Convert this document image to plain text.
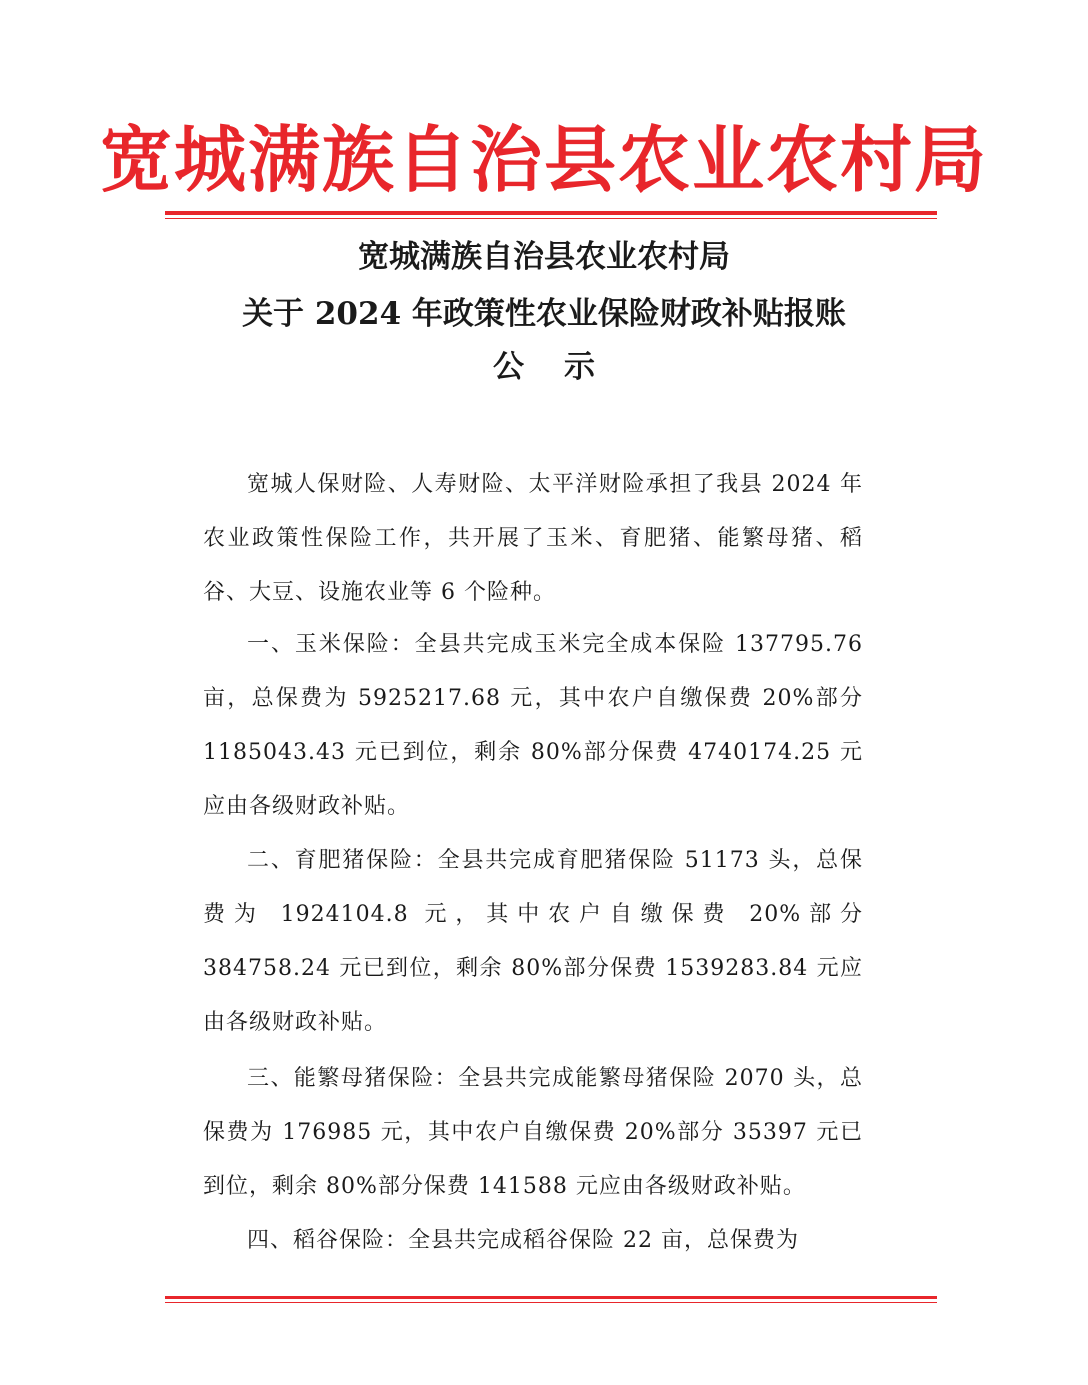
宽城满族自治县农业农村局
宽城满族自治县农业农村局
关于 2024 年政策性农业保险财政补贴报账
公示

宽城人保财险、人寿财险、太平洋财险承担了我县 2024 年农业政策性保险工作，共开展了玉米、育肥猪、能繁母猪、稻谷、大豆、设施农业等 6 个险种。

一、玉米保险：全县共完成玉米完全成本保险 137795.76 亩，总保费为 5925217.68 元，其中农户自缴保费 20%部分 1185043.43 元已到位，剩余 80%部分保费 4740174.25 元应由各级财政补贴。

二、育肥猪保险：全县共完成育肥猪保险 51173 头，总保费为 1924104.8 元，其中农户自缴保费 20%部分 384758.24 元已到位，剩余 80%部分保费 1539283.84 元应由各级财政补贴。

三、能繁母猪保险：全县共完成能繁母猪保险 2070 头，总保费为 176985 元，其中农户自缴保费 20%部分 35397 元已到位，剩余 80%部分保费 141588 元应由各级财政补贴。

四、稻谷保险：全县共完成稻谷保险 22 亩，总保费为
